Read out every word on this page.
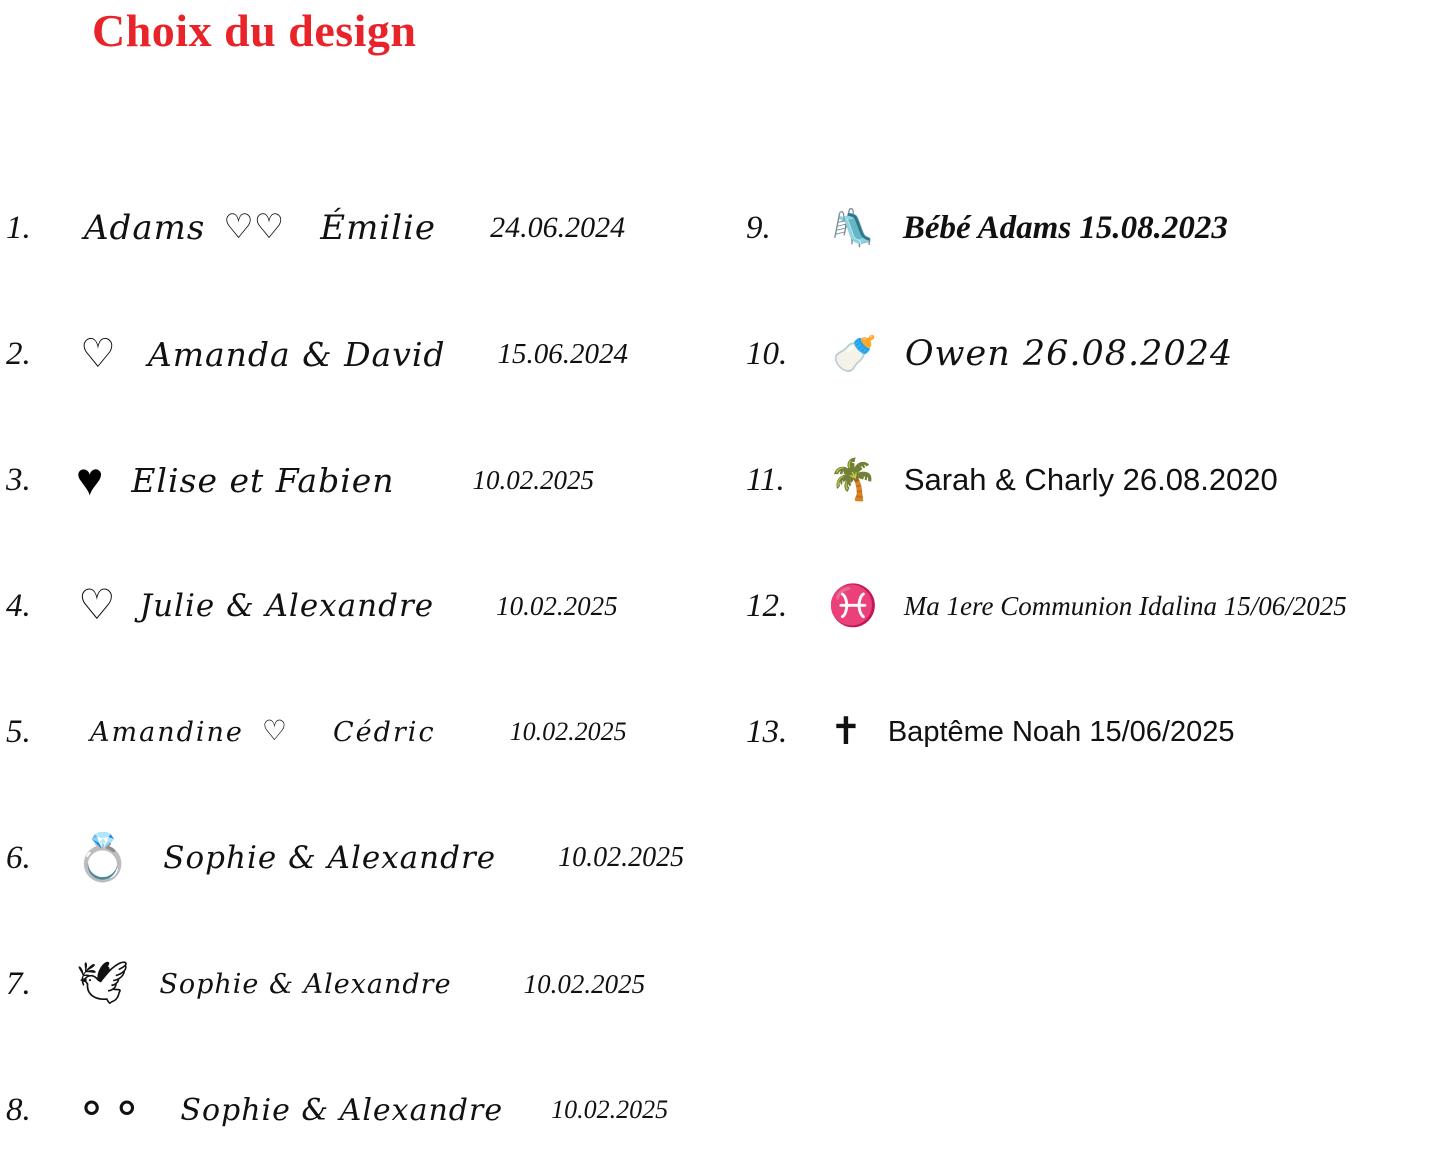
Choix du design
1.	Adams ♡♡ Émilie 24.06.2024
2.	♡ Amanda & David 15.06.2024
3. ♥ Elise et Fabien	10.02.2025
4.	♡ Julie & Alexandre 10.02.2025
5.	Amandine ♡ Cédric	10.02.2025
6. 💍 Sophie & Alexandre 10.02.2025
7.	🕊 Sophie & Alexandre	10.02.2025
8.	⚬⚬ Sophie & Alexandre 10.02.2025
9.	🛝 Bébé Adams 15.08.2023
10.	🍼 Owen 26.08.2024
11.	🌴 Sarah & Charly 26.08.2020
12.	♓ Ma 1ere Communion Idalina 15/06/2025
13.	✝ Baptême Noah 15/06/2025
